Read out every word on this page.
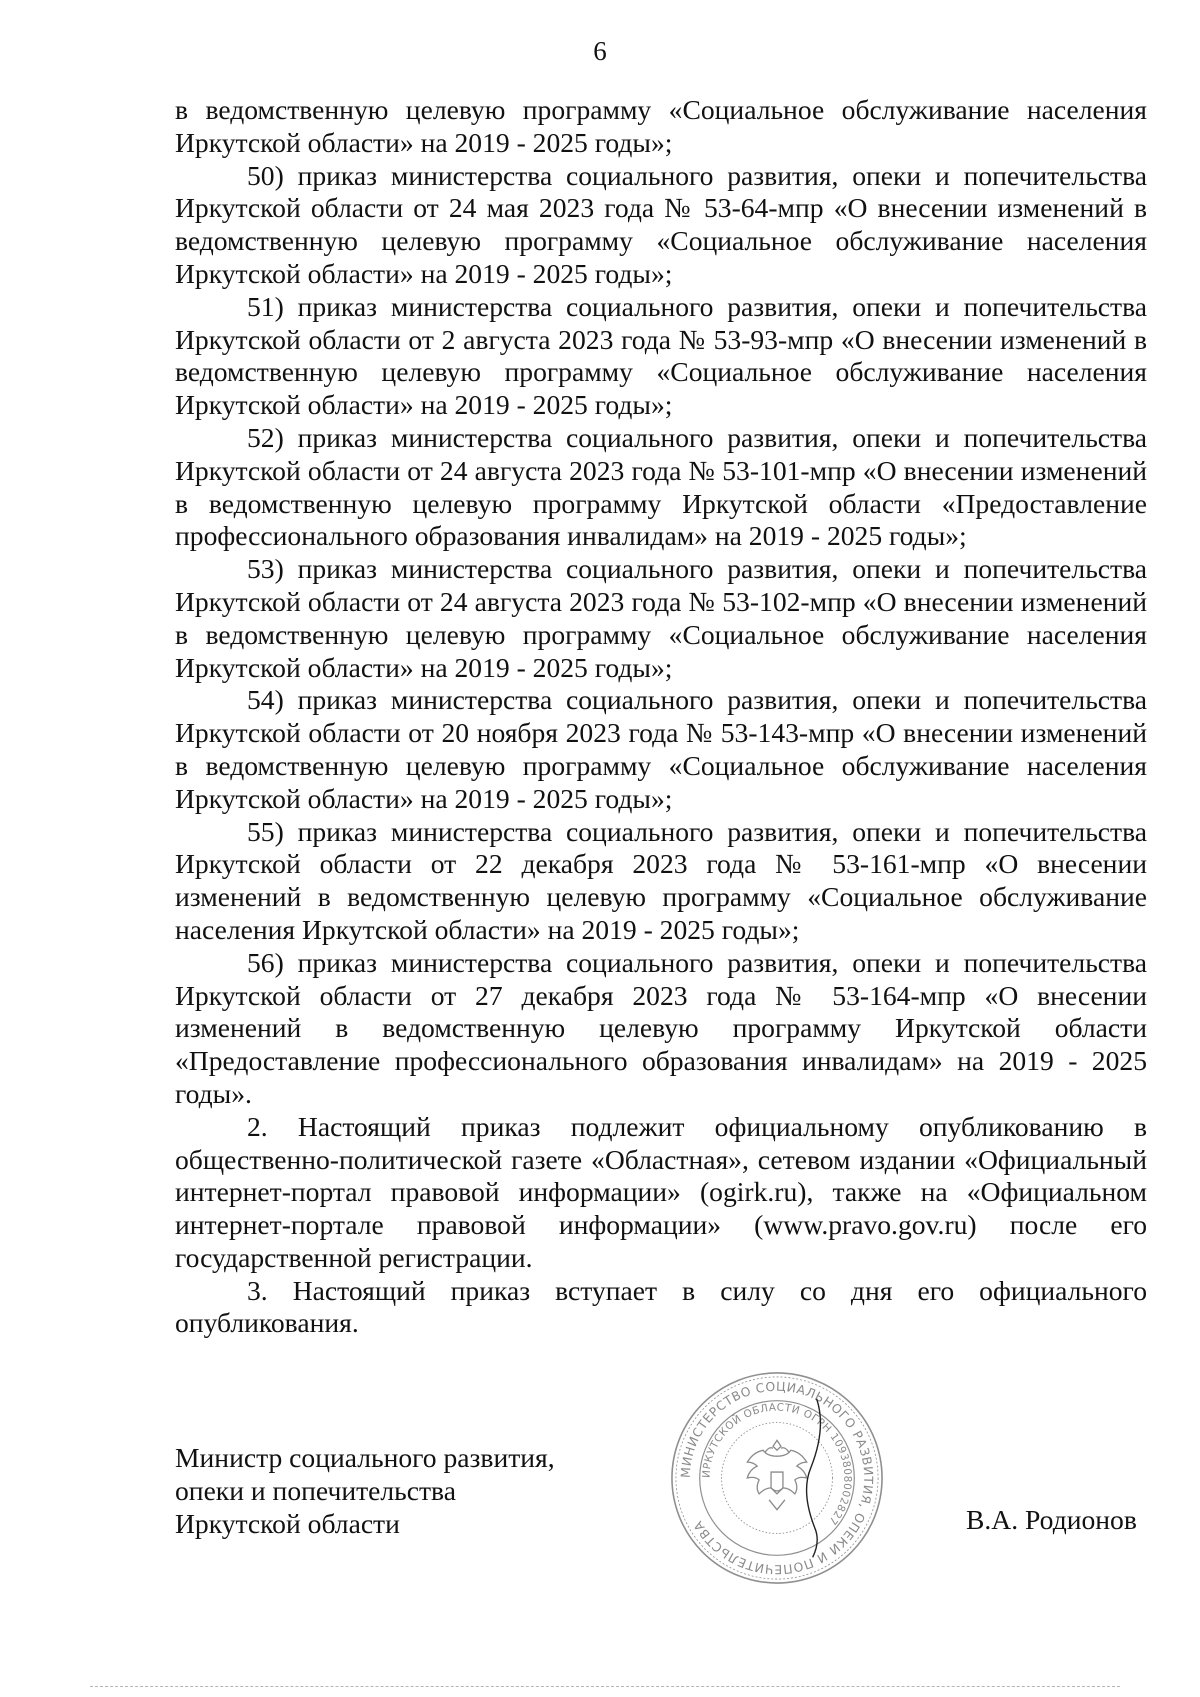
6

в ведомственную целевую программу «Социальное обслуживание населения Иркутской области» на 2019 - 2025 годы»;

50) приказ министерства социального развития, опеки и попечительства Иркутской области от 24 мая 2023 года № 53-64-мпр «О внесении изменений в ведомственную целевую программу «Социальное обслуживание населения Иркутской области» на 2019 - 2025 годы»;

51) приказ министерства социального развития, опеки и попечительства Иркутской области от 2 августа 2023 года № 53-93-мпр «О внесении изменений в ведомственную целевую программу «Социальное обслуживание населения Иркутской области» на 2019 - 2025 годы»;

52) приказ министерства социального развития, опеки и попечительства Иркутской области от 24 августа 2023 года № 53-101-мпр «О внесении изменений в ведомственную целевую программу Иркутской области «Предоставление профессионального образования инвалидам» на 2019 - 2025 годы»;

53) приказ министерства социального развития, опеки и попечительства Иркутской области от 24 августа 2023 года № 53-102-мпр «О внесении изменений в ведомственную целевую программу «Социальное обслуживание населения Иркутской области» на 2019 - 2025 годы»;

54) приказ министерства социального развития, опеки и попечительства Иркутской области от 20 ноября 2023 года № 53-143-мпр «О внесении изменений в ведомственную целевую программу «Социальное обслуживание населения Иркутской области» на 2019 - 2025 годы»;

55) приказ министерства социального развития, опеки и попечительства Иркутской области от 22 декабря 2023 года № 53-161-мпр «О внесении изменений в ведомственную целевую программу «Социальное обслуживание населения Иркутской области» на 2019 - 2025 годы»;

56) приказ министерства социального развития, опеки и попечительства Иркутской области от 27 декабря 2023 года № 53-164-мпр «О внесении изменений в ведомственную целевую программу Иркутской области «Предоставление профессионального образования инвалидам» на 2019 - 2025 годы».

2. Настоящий приказ подлежит официальному опубликованию в общественно-политической газете «Областная», сетевом издании «Официальный интернет-портал правовой информации» (ogirk.ru), также на «Официальном интернет-портале правовой информации» (www.pravo.gov.ru) после его государственной регистрации.

3. Настоящий приказ вступает в силу со дня его официального опубликования.

Министр социального развития,
опеки и попечительства
Иркутской области
МИНИСТЕРСТВО СОЦИАЛЬНОГО РАЗВИТИЯ, ОПЕКИ И ПОПЕЧИТЕЛЬСТВА
ИРКУТСКОЙ ОБЛАСТИ ОГРН 1093808002827	В.А. Родионов
